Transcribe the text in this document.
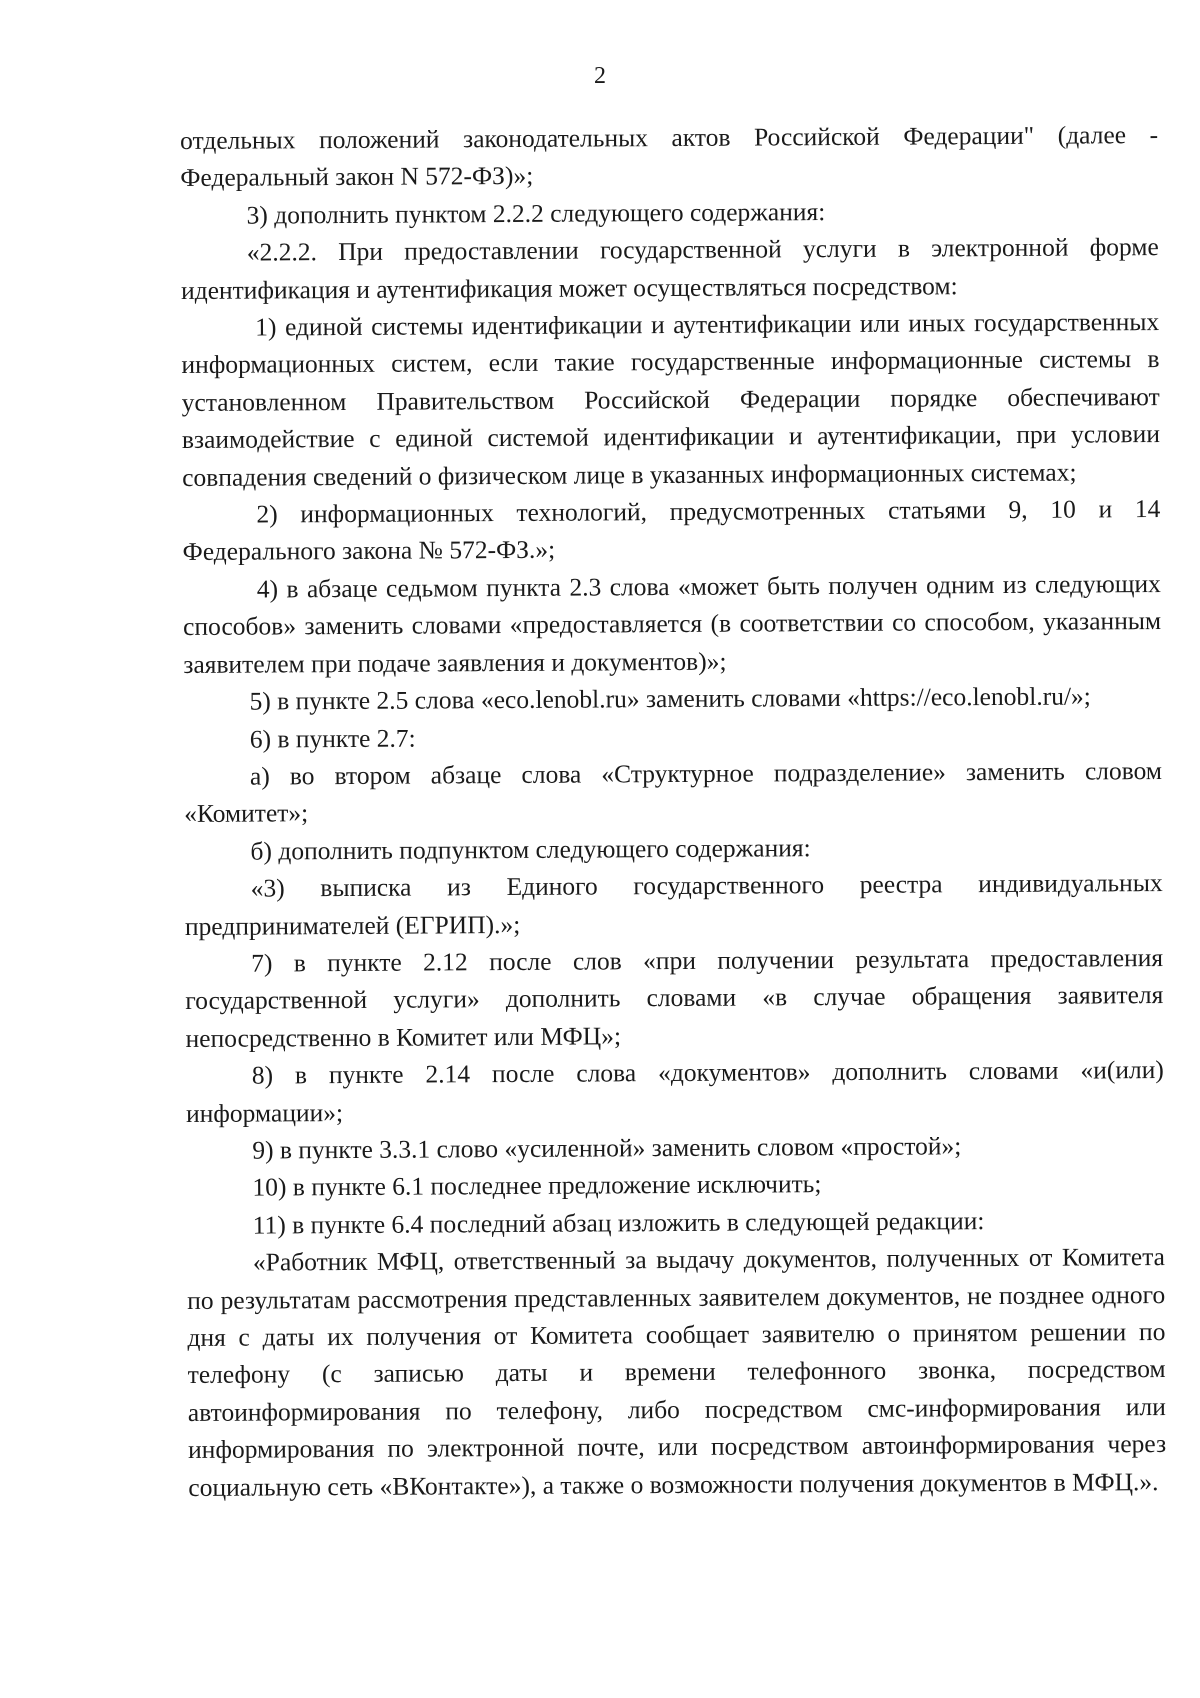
2

отдельных положений законодательных актов Российской Федерации" (далее - Федеральный закон N 572-ФЗ)»;

3) дополнить пунктом 2.2.2 следующего содержания:

«2.2.2. При предоставлении государственной услуги в электронной форме идентификация и аутентификация может осуществляться посредством:

1) единой системы идентификации и аутентификации или иных государственных информационных систем, если такие государственные информационные системы в установленном Правительством Российской Федерации порядке обеспечивают взаимодействие с единой системой идентификации и аутентификации, при условии совпадения сведений о физическом лице в указанных информационных системах;

2) информационных технологий, предусмотренных статьями 9, 10 и 14 Федерального закона № 572-ФЗ.»;

4) в абзаце седьмом пункта 2.3 слова «может быть получен одним из следующих способов» заменить словами «предоставляется (в соответствии со способом, указанным заявителем при подаче заявления и документов)»;

5) в пункте 2.5 слова «eco.lenobl.ru» заменить словами «https://eco.lenobl.ru/»;

6) в пункте 2.7:

а) во втором абзаце слова «Структурное подразделение» заменить словом «Комитет»;

б) дополнить подпунктом следующего содержания:

«3) выписка из Единого государственного реестра индивидуальных предпринимателей (ЕГРИП).»;

7) в пункте 2.12 после слов «при получении результата предоставления государственной услуги» дополнить словами «в случае обращения заявителя непосредственно в Комитет или МФЦ»;

8) в пункте 2.14 после слова «документов» дополнить словами «и(или) информации»;

9) в пункте 3.3.1 слово «усиленной» заменить словом «простой»;

10) в пункте 6.1 последнее предложение исключить;

11) в пункте 6.4 последний абзац изложить в следующей редакции:

«Работник МФЦ, ответственный за выдачу документов, полученных от Комитета по результатам рассмотрения представленных заявителем документов, не позднее одного дня с даты их получения от Комитета сообщает заявителю о принятом решении по телефону (с записью даты и времени телефонного звонка, посредством автоинформирования по телефону, либо посредством смс-информирования или информирования по электронной почте, или посредством автоинформирования через социальную сеть «ВКонтакте»), а также о возможности получения документов в МФЦ.».
